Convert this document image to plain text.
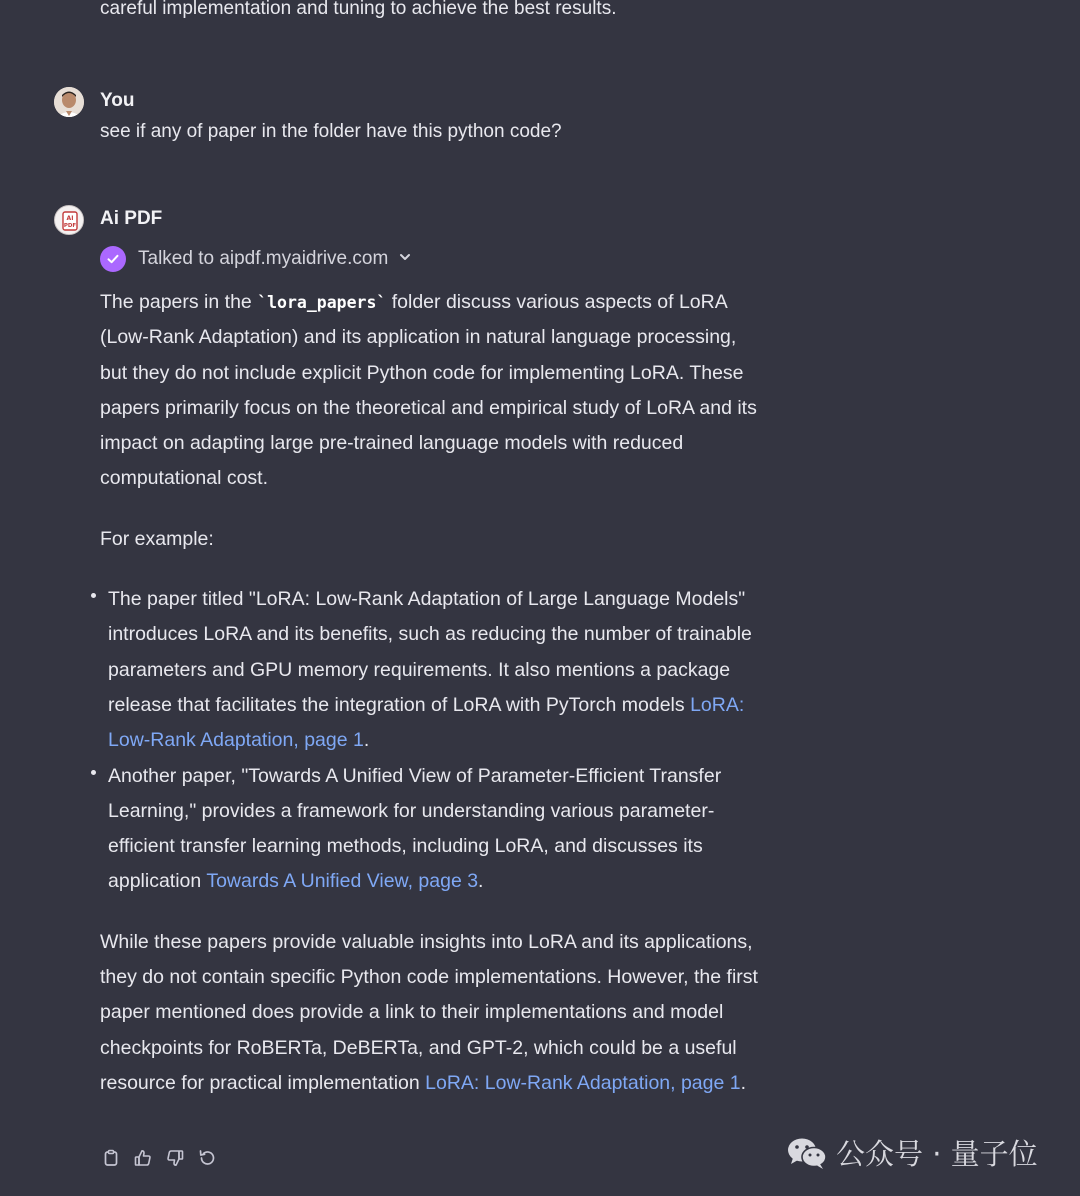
careful implementation and tuning to achieve the best results.
You
see if any of paper in the folder have this python code?
AI
PDF Ai PDF
Talked to aipdf.myaidrive.com

The papers in the `lora_papers` folder discuss various aspects of LoRA (Low-Rank Adaptation) and its application in natural language processing, but they do not include explicit Python code for implementing LoRA. These papers primarily focus on the theoretical and empirical study of LoRA and its impact on adapting large pre-trained language models with reduced computational cost.

For example:

The paper titled "LoRA: Low-Rank Adaptation of Large Language Models" introduces LoRA and its benefits, such as reducing the number of trainable parameters and GPU memory requirements. It also mentions a package release that facilitates the integration of LoRA with PyTorch models LoRA: Low-Rank Adaptation, page 1.
Another paper, "Towards A Unified View of Parameter-Efficient Transfer Learning," provides a framework for understanding various parameter-efficient transfer learning methods, including LoRA, and discusses its application Towards A Unified View, page 3.

While these papers provide valuable insights into LoRA and its applications, they do not contain specific Python code implementations. However, the first paper mentioned does provide a link to their implementations and model checkpoints for RoBERTa, DeBERTa, and GPT-2, which could be a useful resource for practical implementation LoRA: Low-Rank Adaptation, page 1.

公众号 · 量子位
